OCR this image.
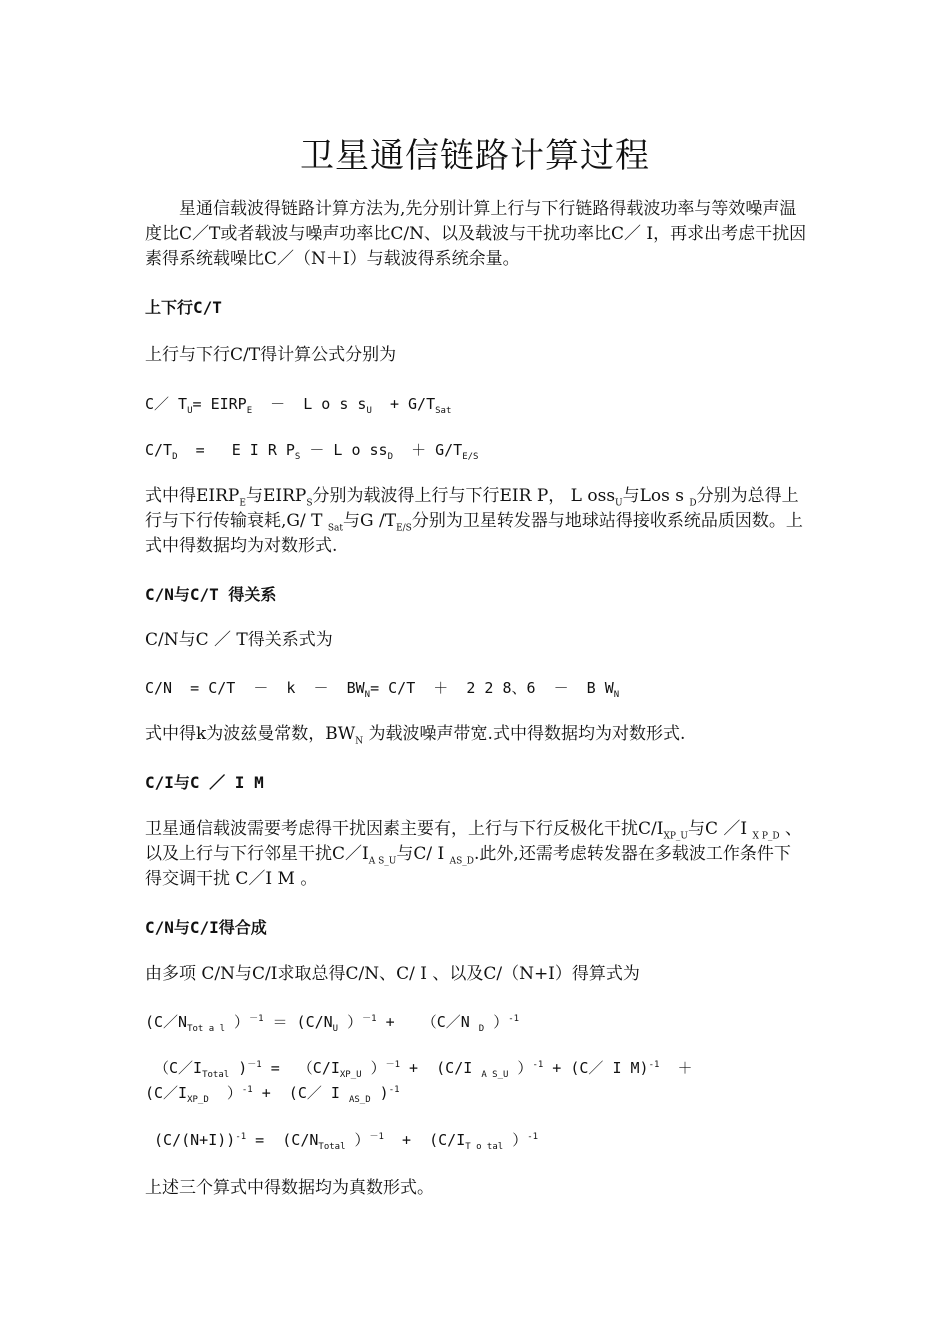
卫星通信链路计算过程

星通信载波得链路计算方法为,先分别计算上行与下行链路得载波功率与等效噪声温度比C／T或者载波与噪声功率比C/N、以及载波与干扰功率比C／ I，再求出考虑干扰因素得系统载噪比C／（N＋I）与载波得系统余量。

上下行C/T

上行与下行C/T得计算公式分别为

C／ $T_U=$ $EIRP_E - L$ o s $s_U + G/T_{Sat}$

$C/T_D = E$ I R $P_S - L$ o $ss_D + G/T_{E/S}$

式中得$EIRP_E$与$EIRP_S$分别为载波得上行与下行EIR P， L oss$_U$与Los s $_D$分别为总得上行与下行传输衰耗,G/ T $_{Sat}$与G $/T_{E/S}$分别为卫星转发器与地球站得接收系统品质因数。上式中得数据均为对数形式.

C/N与C/T 得关系

C/N与C ／ T得关系式为

$C/N = C/T - k - BW_N= C/T + 2$ 2 8、6  －  B $W_N$

式中得k为波兹曼常数，$BW_N$ 为载波噪声带宽.式中得数据均为对数形式.

C/I与C ／ I M

卫星通信载波需要考虑得干扰因素主要有，上行与下行反极化干扰$C/I_{XP\_U}$与C ／I $_{X P\_D}$ 、以及上行与下行邻星干扰$C/I_{A S\_U}$与C/ I $_{AS\_D}$.此外,还需考虑转发器在多载波工作条件下得交调干扰 C／I M 。

C/N与C/I得合成

由多项 C/N与C/I求取总得C/N、C/ I 、以及C/（N+I）得算式为

($C/N_{Tot a l}$ ）$^{-1} = (C/N_U$ ）$^{-1}$ +   （C／N $_D$ ）$^{-1}$

（$C/I_{Total}$ )$^{-1} = (C/I_{XP\_U}$ ）$^{-1}$ +  (C/I $_{A S\_U}$ ）$^{-1}$ + (C／ I M)$^{-1}$  ＋

($C/I_{XP\_D}$  ）$^{-1}$ +  (C／ I $_{AS\_D}$ )$^{-1}$

$(C/(N+I))^{-1} = (C/N_{Total}$ ）$^{-1} + (C/I_{T o tal}$ ）$^{-1}$

上述三个算式中得数据均为真数形式。
